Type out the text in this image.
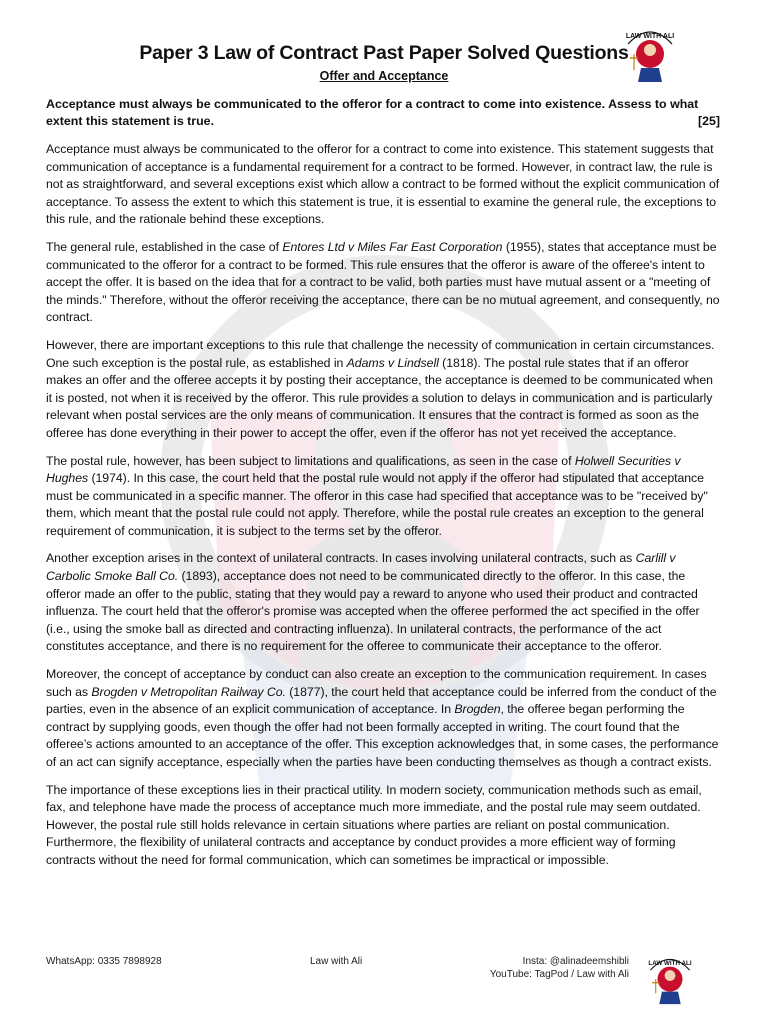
LAW WITH ALI
Paper 3 Law of Contract Past Paper Solved Questions
Offer and Acceptance
Acceptance must always be communicated to the offeror for a contract to come into existence. Assess to what extent this statement is true.	[25]

Acceptance must always be communicated to the offeror for a contract to come into existence. This statement suggests that communication of acceptance is a fundamental requirement for a contract to be formed. However, in contract law, the rule is not as straightforward, and several exceptions exist which allow a contract to be formed without the explicit communication of acceptance. To assess the extent to which this statement is true, it is essential to examine the general rule, the exceptions to this rule, and the rationale behind these exceptions.

The general rule, established in the case of Entores Ltd v Miles Far East Corporation (1955), states that acceptance must be communicated to the offeror for a contract to be formed. This rule ensures that the offeror is aware of the offeree's intent to accept the offer. It is based on the idea that for a contract to be valid, both parties must have mutual assent or a "meeting of the minds." Therefore, without the offeror receiving the acceptance, there can be no mutual agreement, and consequently, no contract.

However, there are important exceptions to this rule that challenge the necessity of communication in certain circumstances. One such exception is the postal rule, as established in Adams v Lindsell (1818). The postal rule states that if an offeror makes an offer and the offeree accepts it by posting their acceptance, the acceptance is deemed to be communicated when it is posted, not when it is received by the offeror. This rule provides a solution to delays in communication and is particularly relevant when postal services are the only means of communication. It ensures that the contract is formed as soon as the offeree has done everything in their power to accept the offer, even if the offeror has not yet received the acceptance.

The postal rule, however, has been subject to limitations and qualifications, as seen in the case of Holwell Securities v Hughes (1974). In this case, the court held that the postal rule would not apply if the offeror had stipulated that acceptance must be communicated in a specific manner. The offeror in this case had specified that acceptance was to be "received by" them, which meant that the postal rule could not apply. Therefore, while the postal rule creates an exception to the general requirement of communication, it is subject to the terms set by the offeror.

Another exception arises in the context of unilateral contracts. In cases involving unilateral contracts, such as Carlill v Carbolic Smoke Ball Co. (1893), acceptance does not need to be communicated directly to the offeror. In this case, the offeror made an offer to the public, stating that they would pay a reward to anyone who used their product and contracted influenza. The court held that the offeror's promise was accepted when the offeree performed the act specified in the offer (i.e., using the smoke ball as directed and contracting influenza). In unilateral contracts, the performance of the act constitutes acceptance, and there is no requirement for the offeree to communicate their acceptance to the offeror.

Moreover, the concept of acceptance by conduct can also create an exception to the communication requirement. In cases such as Brogden v Metropolitan Railway Co. (1877), the court held that acceptance could be inferred from the conduct of the parties, even in the absence of an explicit communication of acceptance. In Brogden, the offeree began performing the contract by supplying goods, even though the offer had not been formally accepted in writing. The court found that the offeree’s actions amounted to an acceptance of the offer. This exception acknowledges that, in some cases, the performance of an act can signify acceptance, especially when the parties have been conducting themselves as though a contract exists.

The importance of these exceptions lies in their practical utility. In modern society, communication methods such as email, fax, and telephone have made the process of acceptance much more immediate, and the postal rule may seem outdated. However, the postal rule still holds relevance in certain situations where parties are reliant on postal communication. Furthermore, the flexibility of unilateral contracts and acceptance by conduct provides a more efficient way of forming contracts without the need for formal communication, which can sometimes be impractical or impossible.

WhatsApp: 0335 7898928	Law with Ali	Insta: @alinadeemshibli
YouTube: TagPod / Law with Ali
LAW WITH ALI
